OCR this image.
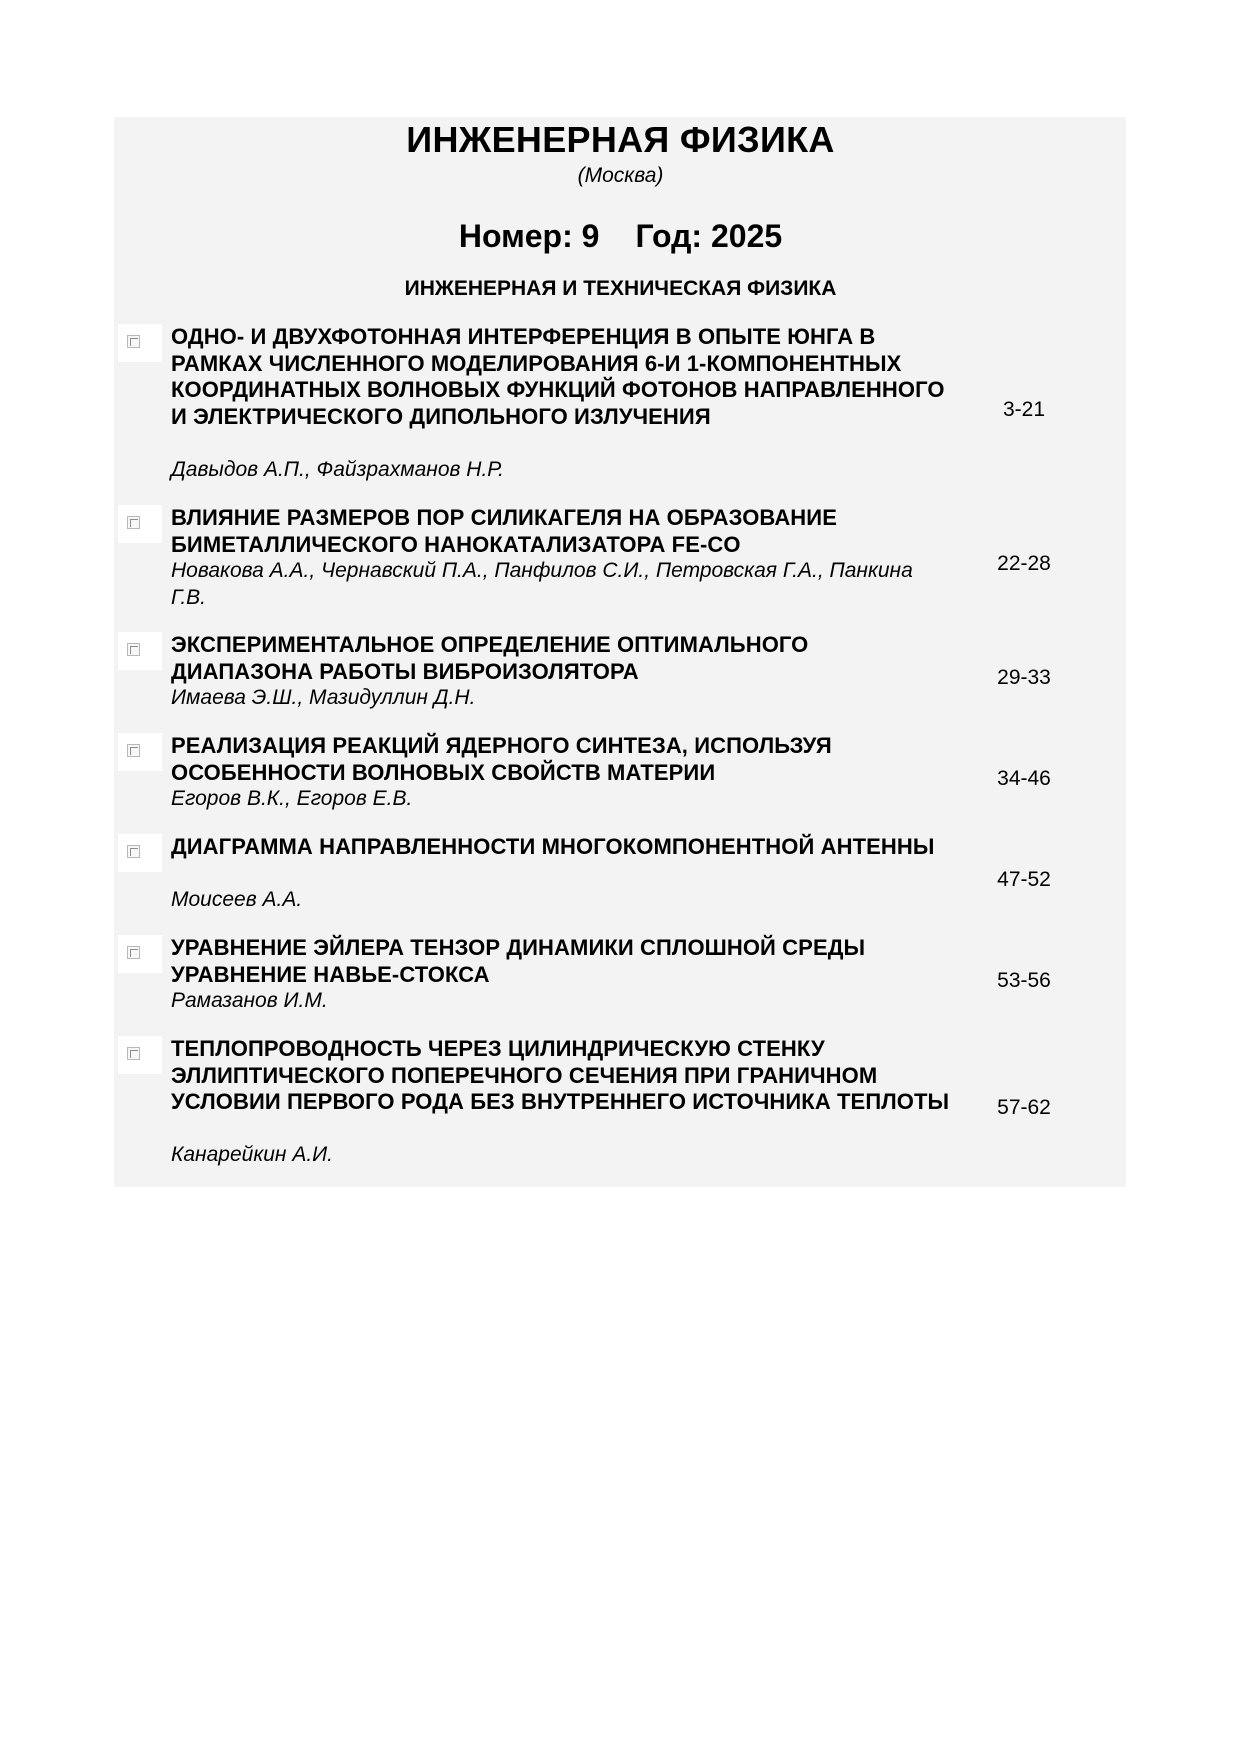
ИНЖЕНЕРНАЯ ФИЗИКА
(Москва)
Номер: 9 Год: 2025
ИНЖЕНЕРНАЯ И ТЕХНИЧЕСКАЯ ФИЗИКА
ОДНО- И ДВУХФОТОННАЯ ИНТЕРФЕРЕНЦИЯ В ОПЫТЕ ЮНГА В РАМКАХ ЧИСЛЕННОГО МОДЕЛИРОВАНИЯ 6-И 1-КОМПОНЕНТНЫХ КООРДИНАТНЫХ ВОЛНОВЫХ ФУНКЦИЙ ФОТОНОВ НАПРАВЛЕННОГО И ЭЛЕКТРИЧЕСКОГО ДИПОЛЬНОГО ИЗЛУЧЕНИЯ
Давыдов А.П., Файзрахманов Н.Р.
3-21
ВЛИЯНИЕ РАЗМЕРОВ ПОР СИЛИКАГЕЛЯ НА ОБРАЗОВАНИЕ БИМЕТАЛЛИЧЕСКОГО НАНОКАТАЛИЗАТОРА FE-CO
Новакова А.А., Чернавский П.А., Панфилов С.И., Петровская Г.А., Панкина Г.В.
22-28
ЭКСПЕРИМЕНТАЛЬНОЕ ОПРЕДЕЛЕНИЕ ОПТИМАЛЬНОГО ДИАПАЗОНА РАБОТЫ ВИБРОИЗОЛЯТОРА
Имаева Э.Ш., Мазидуллин Д.Н.
29-33
РЕАЛИЗАЦИЯ РЕАКЦИЙ ЯДЕРНОГО СИНТЕЗА, ИСПОЛЬЗУЯ ОСОБЕННОСТИ ВОЛНОВЫХ СВОЙСТВ МАТЕРИИ
Егоров В.К., Егоров Е.В.
34-46
ДИАГРАММА НАПРАВЛЕННОСТИ МНОГОКОМПОНЕНТНОЙ АНТЕННЫ
Моисеев А.А.
47-52
УРАВНЕНИЕ ЭЙЛЕРА ТЕНЗОР ДИНАМИКИ СПЛОШНОЙ СРЕДЫ УРАВНЕНИЕ НАВЬЕ-СТОКСА
Рамазанов И.М.
53-56
ТЕПЛОПРОВОДНОСТЬ ЧЕРЕЗ ЦИЛИНДРИЧЕСКУЮ СТЕНКУ ЭЛЛИПТИЧЕСКОГО ПОПЕРЕЧНОГО СЕЧЕНИЯ ПРИ ГРАНИЧНОМ УСЛОВИИ ПЕРВОГО РОДА БЕЗ ВНУТРЕННЕГО ИСТОЧНИКА ТЕПЛОТЫ
Канарейкин А.И.
57-62
